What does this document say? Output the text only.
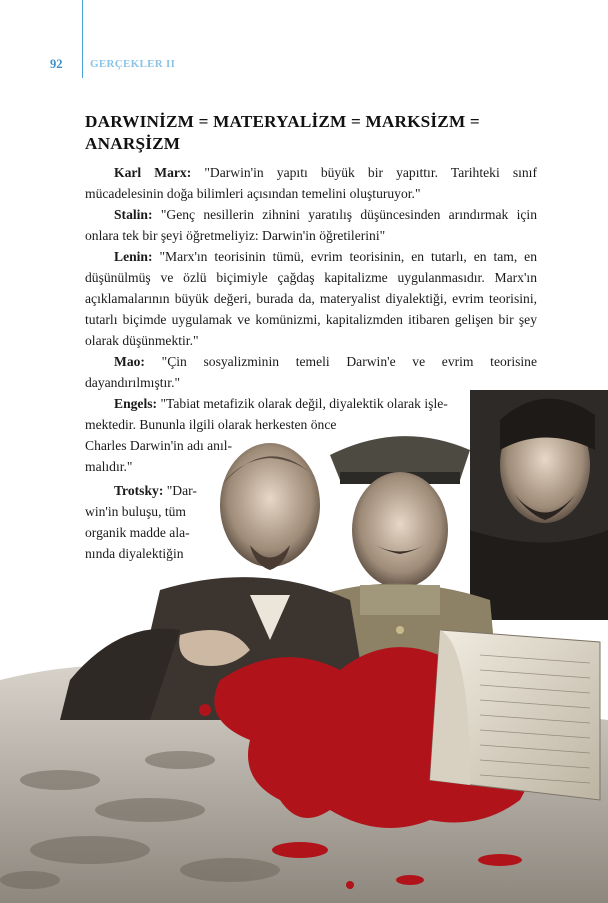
92	GERÇEKLER II
DARWINİZM = MATERYALİZM = MARKSİZM =
ANARŞİZM

Karl Marx: "Darwin'in yapıtı büyük bir yapıttır. Tarihteki sınıf mücadelesinin doğa bilimleri açısından temelini oluşturuyor."

Stalin: "Genç nesillerin zihnini yaratılış düşüncesinden arındırmak için onlara tek bir şeyi öğretmeliyiz: Darwin'in öğretilerini"

Lenin: "Marx'ın teorisinin tümü, evrim teorisinin, en tutarlı, en tam, en düşünülmüş ve özlü biçimiyle çağdaş kapitalizme uygulanmasıdır. Marx'ın açıklamalarının büyük değeri, burada da, materyalist diyalektiği, evrim teorisini, tutarlı biçimde uygulamak ve komünizmi, kapitalizmden itibaren gelişen bir şey olarak düşünmektir."

Mao: "Çin sosyalizminin temeli Darwin'e ve evrim teorisine dayandırılmıştır."

Engels: "Tabiat metafizik olarak değil, diyalektik olarak işle-

mektedir. Bununla ilgili olarak herkesten önce

Charles Darwin'in adı anıl-

malıdır."

Trotsky: "Dar-

win'in buluşu, tüm

organik madde ala-

nında diyalektiğin
